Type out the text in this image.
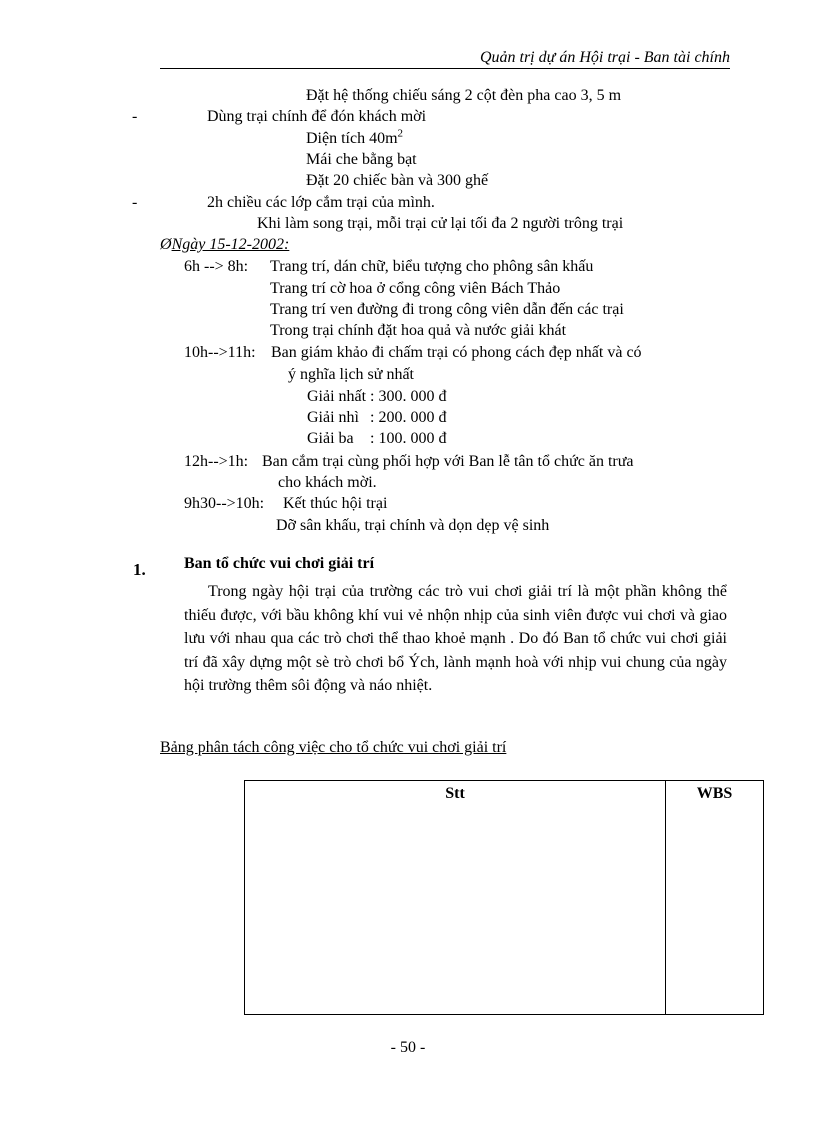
Quản trị dự án Hội trại - Ban tài chính
Đặt hệ thống chiếu sáng 2 cột đèn pha cao 3, 5 m
-	Dùng trại chính để đón khách mời
Diện tích $40m^2$
Mái che bằng bạt
Đặt 20 chiếc bàn và 300 ghế
-	2h chiều các lớp cắm trại của mình.
Khi làm song trại, mỗi trại cử lại tối đa 2 người trông trại
ØNgày 15-12-2002:
6h --> 8h: Trang trí, dán chữ, biểu tượng cho phông sân khấu
Trang trí cờ hoa ở cổng công viên Bách Thảo
Trang trí ven đường đi trong công viên dẫn đến các trại
Trong trại chính đặt hoa quả và nước giải khát
10h-->11h: Ban giám khảo đi chấm trại có phong cách đẹp nhất và có
ý nghĩa lịch sử nhất
Giải nhất : 300. 000 đ
Giải nhì : 200. 000 đ
Giải ba : 100. 000 đ
12h-->1h: Ban cắm trại cùng phối hợp với Ban lễ tân tổ chức ăn trưa
cho khách mời.
9h30-->10h: Kết thúc hội trại
Dỡ sân khấu, trại chính và dọn dẹp vệ sinh
1. Ban tổ chức vui chơi giải trí

Trong ngày hội trại của trường các trò vui chơi giải trí là một phần không thể thiếu được, với bầu không khí vui vẻ nhộn nhịp của sinh viên được vui chơi và giao lưu với nhau qua các trò chơi thể thao khoẻ mạnh . Do đó Ban tổ chức vui chơi giải trí đã xây dựng một sè trò chơi bổ Ých, lành mạnh hoà với nhịp vui chung của ngày hội trường thêm sôi động và náo nhiệt.

Bảng phân tách công việc cho tổ chức vui chơi giải trí
Stt	WBS
- 50 -
